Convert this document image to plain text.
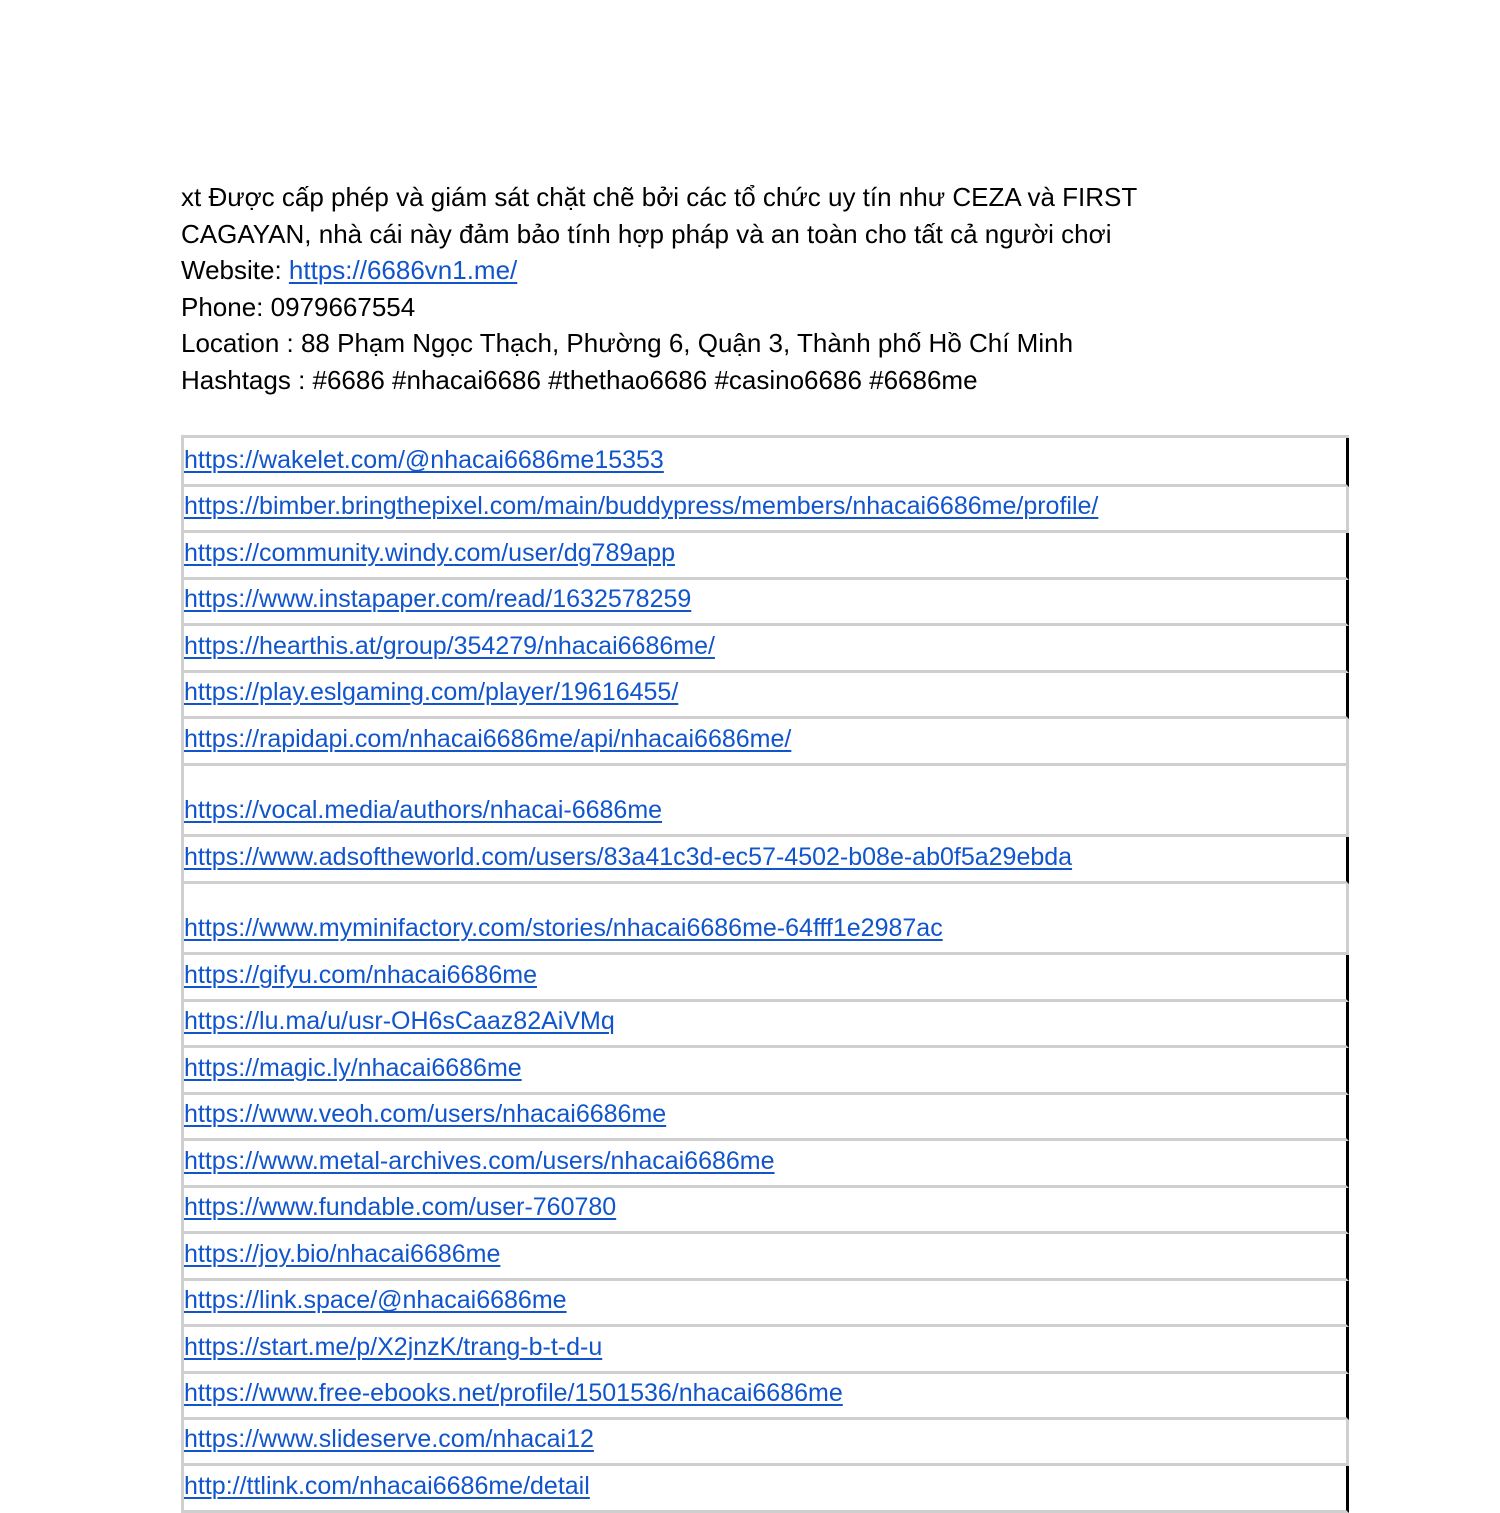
xt Được cấp phép và giám sát chặt chẽ bởi các tổ chức uy tín như CEZA và FIRST
CAGAYAN, nhà cái này đảm bảo tính hợp pháp và an toàn cho tất cả người chơi
Website: https://6686vn1.me/
Phone: 0979667554
Location : 88 Phạm Ngọc Thạch, Phường 6, Quận 3, Thành phố Hồ Chí Minh
Hashtags : #6686 #nhacai6686 #thethao6686 #casino6686 #6686me
https://wakelet.com/@nhacai6686me15353
https://bimber.bringthepixel.com/main/buddypress/members/nhacai6686me/profile/
https://community.windy.com/user/dg789app
https://www.instapaper.com/read/1632578259
https://hearthis.at/group/354279/nhacai6686me/
https://play.eslgaming.com/player/19616455/
https://rapidapi.com/nhacai6686me/api/nhacai6686me/
https://vocal.media/authors/nhacai-6686me
https://www.adsoftheworld.com/users/83a41c3d-ec57-4502-b08e-ab0f5a29ebda
https://www.myminifactory.com/stories/nhacai6686me-64fff1e2987ac
https://gifyu.com/nhacai6686me
https://lu.ma/u/usr-OH6sCaaz82AiVMq
https://magic.ly/nhacai6686me
https://www.veoh.com/users/nhacai6686me
https://www.metal-archives.com/users/nhacai6686me
https://www.fundable.com/user-760780
https://joy.bio/nhacai6686me
https://link.space/@nhacai6686me
https://start.me/p/X2jnzK/trang-b-t-d-u
https://www.free-ebooks.net/profile/1501536/nhacai6686me
https://www.slideserve.com/nhacai12
http://ttlink.com/nhacai6686me/detail
